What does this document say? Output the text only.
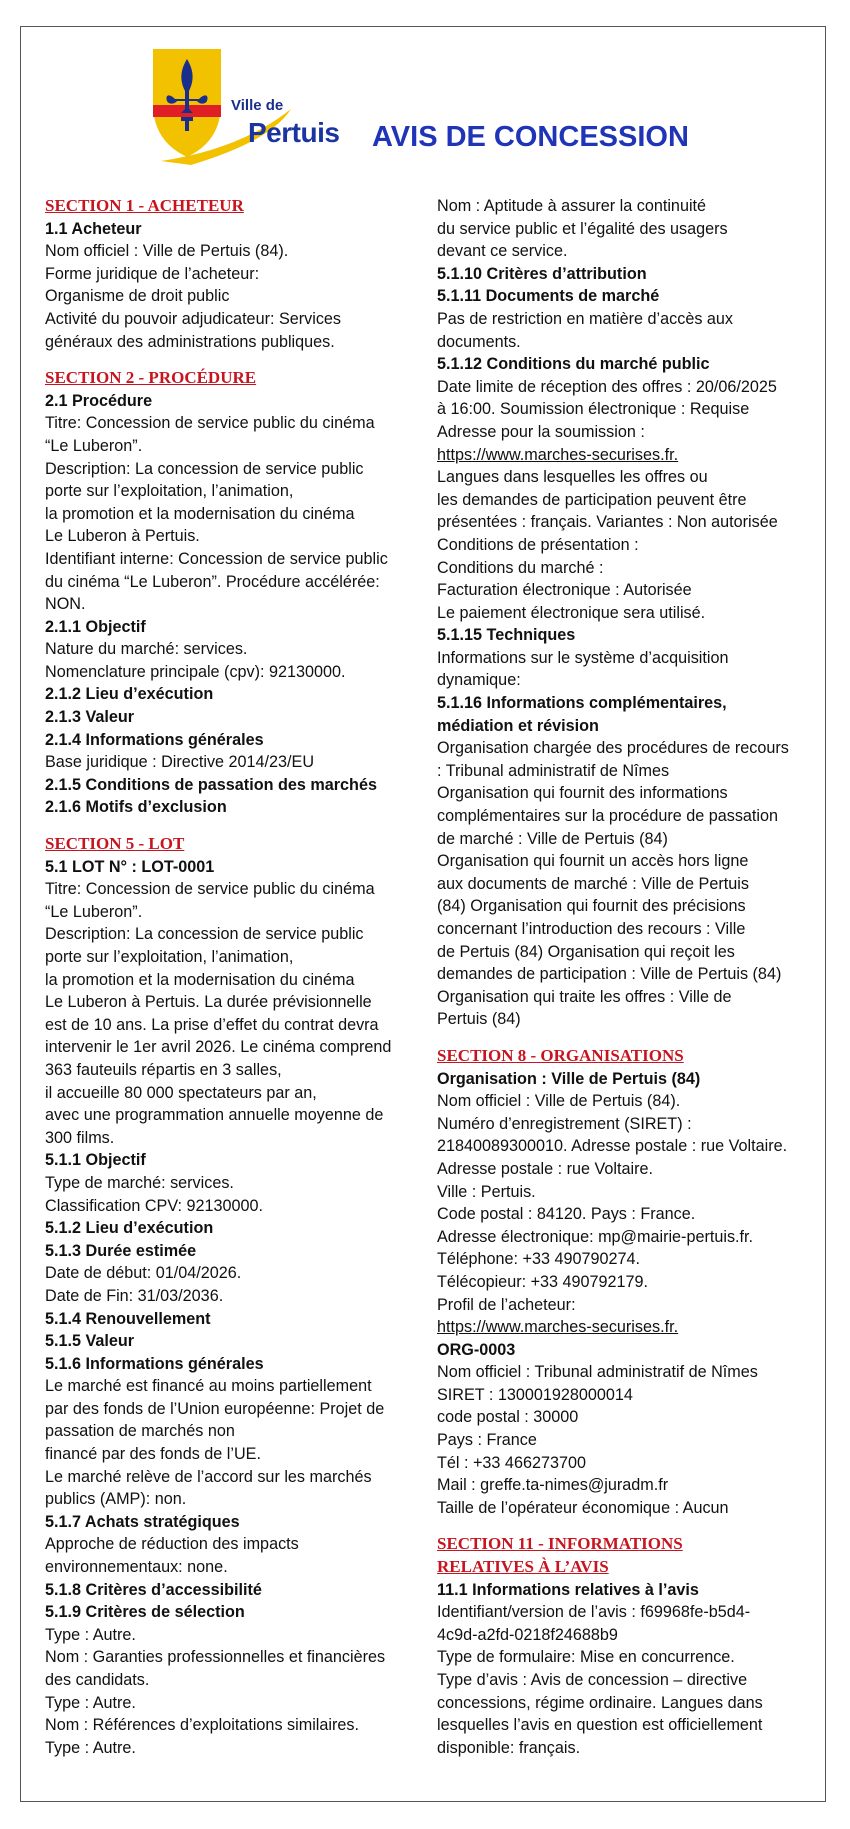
Ville de
Pertuis AVIS DE CONCESSION
SECTION 1 - ACHETEUR
1.1 Acheteur
Nom officiel : Ville de Pertuis (84).
Forme juridique de l’acheteur:
Organisme de droit public
Activité du pouvoir adjudicateur: Services
généraux des administrations publiques.
SECTION 2 - PROCÉDURE
2.1 Procédure
Titre: Concession de service public du cinéma
“Le Luberon”.
Description: La concession de service public
porte sur l’exploitation, l’animation,
la promotion et la modernisation du cinéma
Le Luberon à Pertuis.
Identifiant interne: Concession de service public
du cinéma “Le Luberon”. Procédure accélérée:
NON.
2.1.1 Objectif
Nature du marché: services.
Nomenclature principale (cpv): 92130000.
2.1.2 Lieu d’exécution
2.1.3 Valeur
2.1.4 Informations générales
Base juridique : Directive 2014/23/EU
2.1.5 Conditions de passation des marchés
2.1.6 Motifs d’exclusion
SECTION 5 - LOT
5.1 LOT N° : LOT-0001
Titre: Concession de service public du cinéma
“Le Luberon”.
Description: La concession de service public
porte sur l’exploitation, l’animation,
la promotion et la modernisation du cinéma
Le Luberon à Pertuis. La durée prévisionnelle
est de 10 ans. La prise d’effet du contrat devra
intervenir le 1er avril 2026. Le cinéma comprend
363 fauteuils répartis en 3 salles,
il accueille 80 000 spectateurs par an,
avec une programmation annuelle moyenne de
300 films.
5.1.1 Objectif
Type de marché: services.
Classification CPV: 92130000.
5.1.2 Lieu d’exécution
5.1.3 Durée estimée
Date de début: 01/04/2026.
Date de Fin: 31/03/2036.
5.1.4 Renouvellement
5.1.5 Valeur
5.1.6 Informations générales
Le marché est financé au moins partiellement
par des fonds de l’Union européenne: Projet de
passation de marchés non
financé par des fonds de l’UE.
Le marché relève de l’accord sur les marchés
publics (AMP): non.
5.1.7 Achats stratégiques
Approche de réduction des impacts
environnementaux: none.
5.1.8 Critères d’accessibilité
5.1.9 Critères de sélection
Type : Autre.
Nom : Garanties professionnelles et financières
des candidats.
Type : Autre.
Nom : Références d’exploitations similaires.
Type : Autre.
Nom : Aptitude à assurer la continuité
du service public et l’égalité des usagers
devant ce service.
5.1.10 Critères d’attribution
5.1.11 Documents de marché
Pas de restriction en matière d’accès aux
documents.
5.1.12 Conditions du marché public
Date limite de réception des offres : 20/06/2025
à 16:00. Soumission électronique : Requise
Adresse pour la soumission :
https://www.marches-securises.fr.
Langues dans lesquelles les offres ou
les demandes de participation peuvent être
présentées : français. Variantes : Non autorisée
Conditions de présentation :
Conditions du marché :
Facturation électronique : Autorisée
Le paiement électronique sera utilisé.
5.1.15 Techniques
Informations sur le système d’acquisition
dynamique:
5.1.16 Informations complémentaires,
médiation et révision
Organisation chargée des procédures de recours
: Tribunal administratif de Nîmes
Organisation qui fournit des informations
complémentaires sur la procédure de passation
de marché : Ville de Pertuis (84)
Organisation qui fournit un accès hors ligne
aux documents de marché : Ville de Pertuis
(84) Organisation qui fournit des précisions
concernant l’introduction des recours : Ville
de Pertuis (84) Organisation qui reçoit les
demandes de participation : Ville de Pertuis (84)
Organisation qui traite les offres : Ville de
Pertuis (84)
SECTION 8 - ORGANISATIONS
Organisation : Ville de Pertuis (84)
Nom officiel : Ville de Pertuis (84).
Numéro d’enregistrement (SIRET) :
21840089300010. Adresse postale : rue Voltaire.
Adresse postale : rue Voltaire.
Ville : Pertuis.
Code postal : 84120. Pays : France.
Adresse électronique: mp@mairie-pertuis.fr.
Téléphone: +33 490790274.
Télécopieur: +33 490792179.
Profil de l’acheteur:
https://www.marches-securises.fr.
ORG-0003
Nom officiel : Tribunal administratif de Nîmes
SIRET : 130001928000014
code postal : 30000
Pays : France
Tél : +33 466273700
Mail : greffe.ta-nimes@juradm.fr
Taille de l’opérateur économique : Aucun
SECTION 11 - INFORMATIONS
RELATIVES À L’AVIS
11.1 Informations relatives à l’avis
Identifiant/version de l’avis : f69968fe-b5d4-
4c9d-a2fd-0218f24688b9
Type de formulaire: Mise en concurrence.
Type d’avis : Avis de concession – directive
concessions, régime ordinaire. Langues dans
lesquelles l’avis en question est officiellement
disponible: français.
